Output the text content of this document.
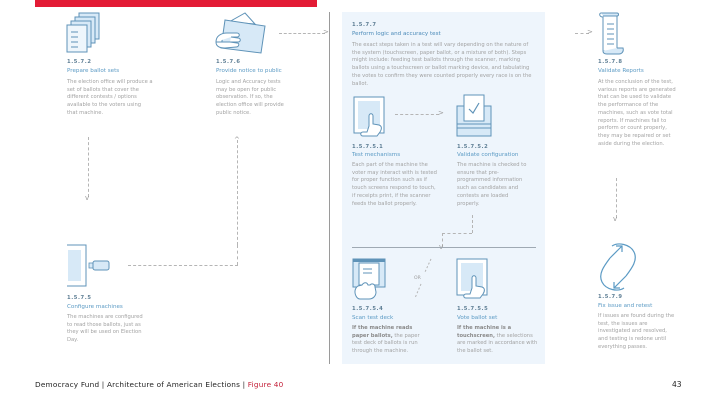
1.5.7.2
Prepare ballot sets
The election office will produce a set of ballots that cover the different contests / options available to the voters using that machine.
v
1.5.7.6
Provide notice to public
Logic and Accuracy tests may be open for public observation. If so, the election office will provide public notice.
>
^
1.5.7.5
Configure machines
The machines are configured to read those ballots, just as they will be used on Election Day.
1.5.7.7
Perform logic and accuracy test
The exact steps taken in a test will vary depending on the nature of the system (touchscreen, paper ballot, or a mixture of both). Steps might include: feeding test ballots through the scanner, marking ballots using a touchscreen or ballot marking device, and tabulating the votes to confirm they were counted properly every race is on the ballot.
>
1.5.7.5.1
Test mechanisms
Each part of the machine the voter may interact with is tested for proper function such as if touch screens respond to touch, if receipts print, if the scanner feeds the ballot properly.
1.5.7.5.2
Validate configuration
The machine is checked to ensure that pre-programmed information such as candidates and contests are loaded properly.
OR
1.5.7.5.4
Scan test deck
If the machine reads paper ballots, the paper test deck of ballots is run through the machine.
1.5.7.5.5
Vote ballot set
If the machine is a touchscreen, the selections are marked in accordance with the ballot set.
>
1.5.7.8
Validate Reports
At the conclusion of the test, various reports are generated that can be used to validate the performance of the machines, such as vote total reports. If machines fail to perform or count properly, they may be repaired or set aside during the election.
v
1.5.7.9
Fix issue and retest
If issues are found during the test, the issues are investigated and resolved, and testing is redone until everything passes.
Democracy Fund | Architecture of American Elections | Figure 40	43
